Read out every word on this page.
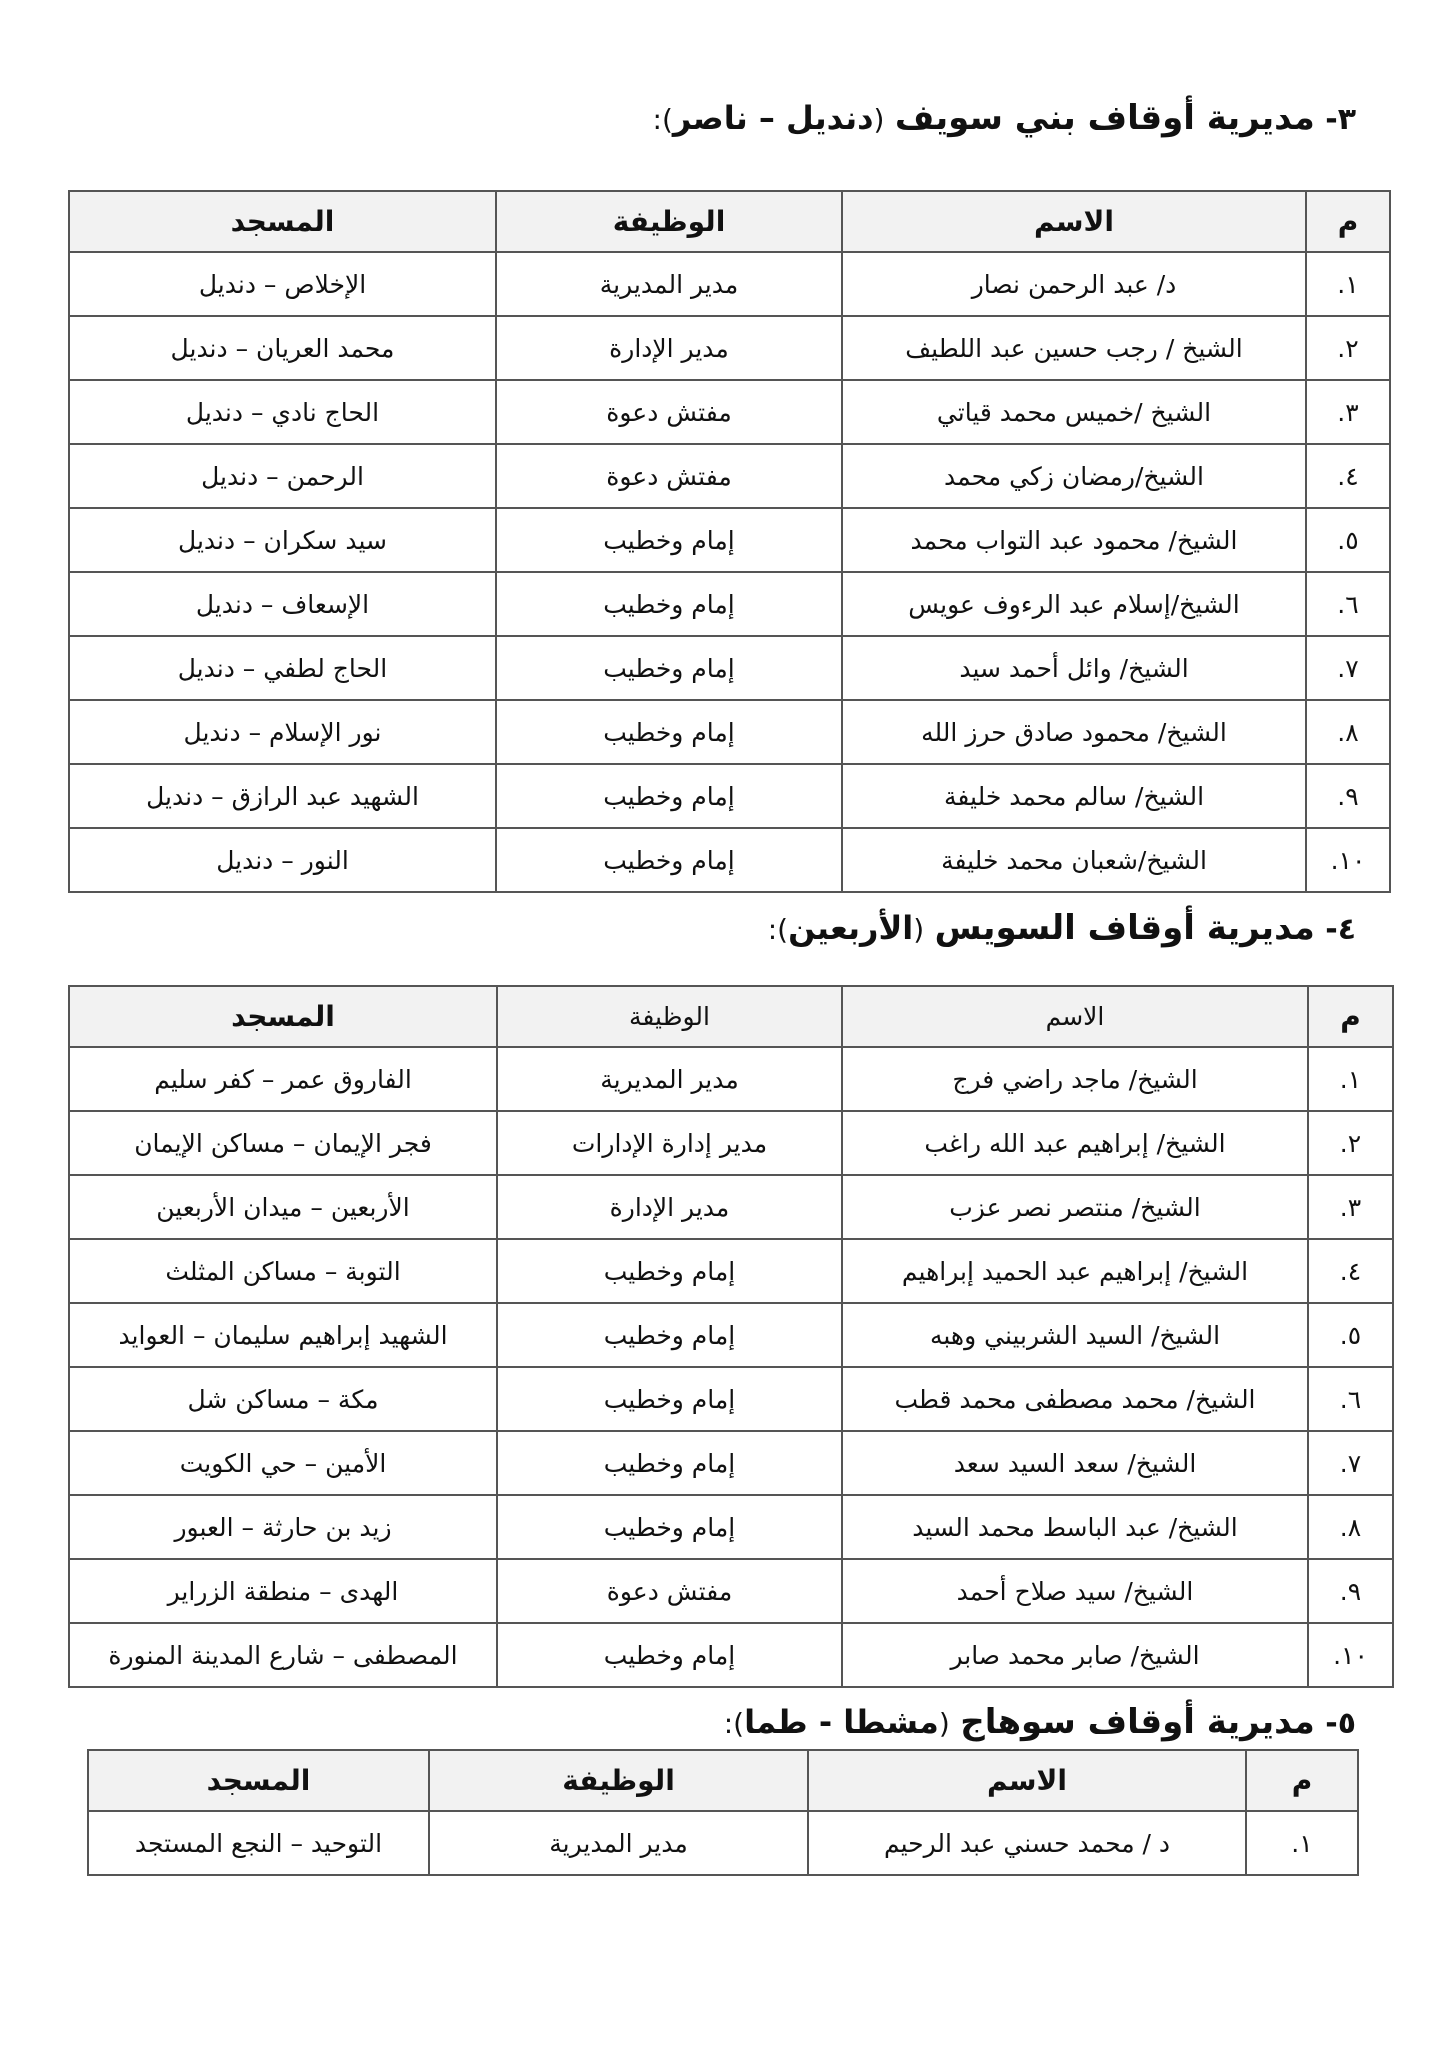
٣- مديرية أوقاف بني سويف (دنديل – ناصر):
م	الاسم	الوظيفة	المسجد
١.	د/ عبد الرحمن نصار	مدير المديرية	الإخلاص – دنديل
٢.	الشيخ / رجب حسين عبد اللطيف	مدير الإدارة	محمد العريان – دنديل
٣.	الشيخ /خميس محمد قياتي	مفتش دعوة	الحاج نادي – دنديل
٤.	الشيخ/رمضان زكي محمد	مفتش دعوة	الرحمن – دنديل
٥.	الشيخ/ محمود عبد التواب محمد	إمام وخطيب	سيد سكران – دنديل
٦.	الشيخ/إسلام عبد الرءوف عويس	إمام وخطيب	الإسعاف – دنديل
٧.	الشيخ/ وائل أحمد سيد	إمام وخطيب	الحاج لطفي – دنديل
٨.	الشيخ/ محمود صادق حرز الله	إمام وخطيب	نور الإسلام – دنديل
٩.	الشيخ/ سالم محمد خليفة	إمام وخطيب	الشهيد عبد الرازق – دنديل
١٠.	الشيخ/شعبان محمد خليفة	إمام وخطيب	النور – دنديل
٤- مديرية أوقاف السويس (الأربعين):
م	الاسم	الوظيفة	المسجد
١.	الشيخ/ ماجد راضي فرج	مدير المديرية	الفاروق عمر – كفر سليم
٢.	الشيخ/ إبراهيم عبد الله راغب	مدير إدارة الإدارات	فجر الإيمان – مساكن الإيمان
٣.	الشيخ/ منتصر نصر عزب	مدير الإدارة	الأربعين – ميدان الأربعين
٤.	الشيخ/ إبراهيم عبد الحميد إبراهيم	إمام وخطيب	التوبة – مساكن المثلث
٥.	الشيخ/ السيد الشربيني وهبه	إمام وخطيب	الشهيد إبراهيم سليمان – العوايد
٦.	الشيخ/ محمد مصطفى محمد قطب	إمام وخطيب	مكة – مساكن شل
٧.	الشيخ/ سعد السيد سعد	إمام وخطيب	الأمين – حي الكويت
٨.	الشيخ/ عبد الباسط محمد السيد	إمام وخطيب	زيد بن حارثة – العبور
٩.	الشيخ/ سيد صلاح أحمد	مفتش دعوة	الهدى – منطقة الزراير
١٠.	الشيخ/ صابر محمد صابر	إمام وخطيب	المصطفى – شارع المدينة المنورة
٥- مديرية أوقاف سوهاج (مشطا - طما):
م	الاسم	الوظيفة	المسجد
١.	د / محمد حسني عبد الرحيم	مدير المديرية	التوحيد – النجع المستجد
